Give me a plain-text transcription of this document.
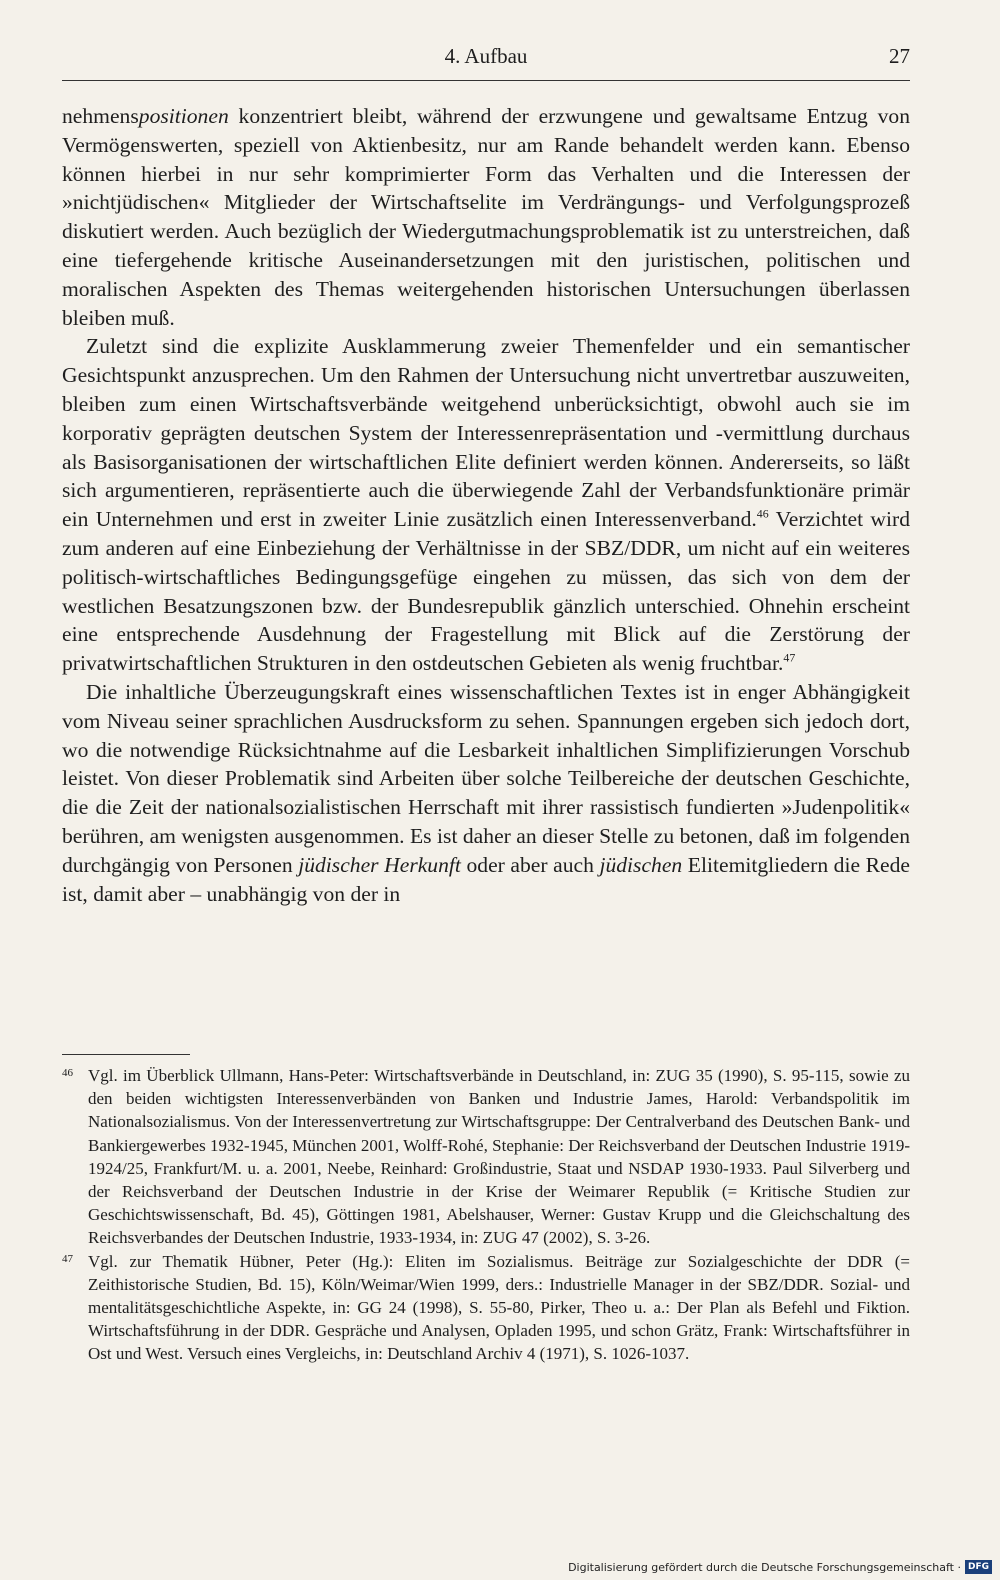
4. Aufbau	27

nehmenspositionen konzentriert bleibt, während der erzwungene und gewaltsame Entzug von Vermögenswerten, speziell von Aktienbesitz, nur am Rande behandelt werden kann. Ebenso können hierbei in nur sehr komprimierter Form das Verhalten und die Interessen der »nichtjüdischen« Mitglieder der Wirtschaftselite im Verdrängungs- und Verfolgungsprozeß diskutiert werden. Auch bezüglich der Wiedergutmachungsproblematik ist zu unterstreichen, daß eine tiefergehende kritische Auseinandersetzungen mit den juristischen, politischen und moralischen Aspekten des Themas weitergehenden historischen Untersuchungen überlassen bleiben muß.

Zuletzt sind die explizite Ausklammerung zweier Themenfelder und ein semantischer Gesichtspunkt anzusprechen. Um den Rahmen der Untersuchung nicht unvertretbar auszuweiten, bleiben zum einen Wirtschaftsverbände weitgehend unberücksichtigt, obwohl auch sie im korporativ geprägten deutschen System der Interessenrepräsentation und -vermittlung durchaus als Basisorganisationen der wirtschaftlichen Elite definiert werden können. Andererseits, so läßt sich argumentieren, repräsentierte auch die überwiegende Zahl der Verbandsfunktionäre primär ein Unternehmen und erst in zweiter Linie zusätzlich einen Interessenverband.$^{46}$ Verzichtet wird zum anderen auf eine Einbeziehung der Verhältnisse in der SBZ/DDR, um nicht auf ein weiteres politisch-wirtschaftliches Bedingungsgefüge eingehen zu müssen, das sich von dem der westlichen Besatzungszonen bzw. der Bundesrepublik gänzlich unterschied. Ohnehin erscheint eine entsprechende Ausdehnung der Fragestellung mit Blick auf die Zerstörung der privatwirtschaftlichen Strukturen in den ostdeutschen Gebieten als wenig fruchtbar.$^{47}$

Die inhaltliche Überzeugungskraft eines wissenschaftlichen Textes ist in enger Abhängigkeit vom Niveau seiner sprachlichen Ausdrucksform zu sehen. Spannungen ergeben sich jedoch dort, wo die notwendige Rücksichtnahme auf die Lesbarkeit inhaltlichen Simplifizierungen Vorschub leistet. Von dieser Problematik sind Arbeiten über solche Teilbereiche der deutschen Geschichte, die die Zeit der nationalsozialistischen Herrschaft mit ihrer rassistisch fundierten »Judenpolitik« berühren, am wenigsten ausgenommen. Es ist daher an dieser Stelle zu betonen, daß im folgenden durchgängig von Personen jüdischer Herkunft oder aber auch jüdischen Elitemitgliedern die Rede ist, damit aber – unabhängig von der in

46 Vgl. im Überblick Ullmann, Hans-Peter: Wirtschaftsverbände in Deutschland, in: ZUG 35 (1990), S. 95-115, sowie zu den beiden wichtigsten Interessenverbänden von Banken und Industrie James, Harold: Verbandspolitik im Nationalsozialismus. Von der Interessenvertretung zur Wirtschaftsgruppe: Der Centralverband des Deutschen Bank- und Bankiergewerbes 1932-1945, München 2001, Wolff-Rohé, Stephanie: Der Reichsverband der Deutschen Industrie 1919-1924/25, Frankfurt/M. u. a. 2001, Neebe, Reinhard: Großindustrie, Staat und NSDAP 1930-1933. Paul Silverberg und der Reichsverband der Deutschen Industrie in der Krise der Weimarer Republik (= Kritische Studien zur Geschichtswissenschaft, Bd. 45), Göttingen 1981, Abelshauser, Werner: Gustav Krupp und die Gleichschaltung des Reichsverbandes der Deutschen Industrie, 1933-1934, in: ZUG 47 (2002), S. 3-26.
47 Vgl. zur Thematik Hübner, Peter (Hg.): Eliten im Sozialismus. Beiträge zur Sozialgeschichte der DDR (= Zeithistorische Studien, Bd. 15), Köln/Weimar/Wien 1999, ders.: Industrielle Manager in der SBZ/DDR. Sozial- und mentalitätsgeschichtliche Aspekte, in: GG 24 (1998), S. 55-80, Pirker, Theo u. a.: Der Plan als Befehl und Fiktion. Wirtschaftsführung in der DDR. Gespräche und Analysen, Opladen 1995, und schon Grätz, Frank: Wirtschaftsführer in Ost und West. Versuch eines Vergleichs, in: Deutschland Archiv 4 (1971), S. 1026-1037.
Digitalisierung gefördert durch die Deutsche Forschungsgemeinschaft · DFG
